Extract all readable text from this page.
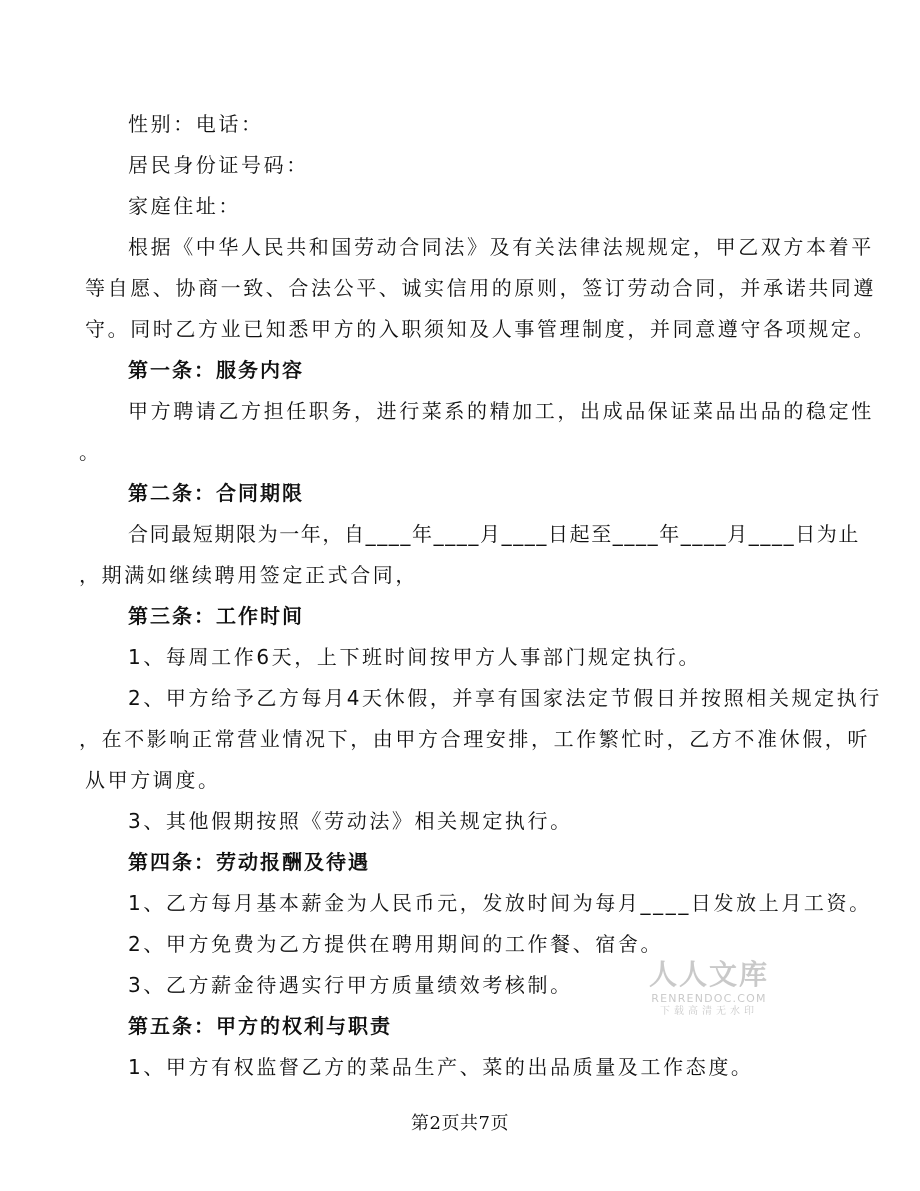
性别：电话：
居民身份证号码：
家庭住址：
根据《中华人民共和国劳动合同法》及有关法律法规规定，甲乙双方本着平
等自愿、协商一致、合法公平、诚实信用的原则，签订劳动合同，并承诺共同遵
守。同时乙方业已知悉甲方的入职须知及人事管理制度，并同意遵守各项规定。
第一条：服务内容
甲方聘请乙方担任职务，进行菜系的精加工，出成品保证菜品出品的稳定性
。
第二条：合同期限
合同最短期限为一年，自____年____月____日起至____年____月____日为止
，期满如继续聘用签定正式合同，
第三条：工作时间
1、每周工作6天，上下班时间按甲方人事部门规定执行。
2、甲方给予乙方每月4天休假，并享有国家法定节假日并按照相关规定执行
，在不影响正常营业情况下，由甲方合理安排，工作繁忙时，乙方不准休假，听
从甲方调度。
3、其他假期按照《劳动法》相关规定执行。
第四条：劳动报酬及待遇
1、乙方每月基本薪金为人民币元，发放时间为每月____日发放上月工资。
2、甲方免费为乙方提供在聘用期间的工作餐、宿舍。
3、乙方薪金待遇实行甲方质量绩效考核制。
第五条：甲方的权利与职责
1、甲方有权监督乙方的菜品生产、菜的出品质量及工作态度。
人人文库
RENRENDOC.COM
下载高清无水印
第2页共7页
